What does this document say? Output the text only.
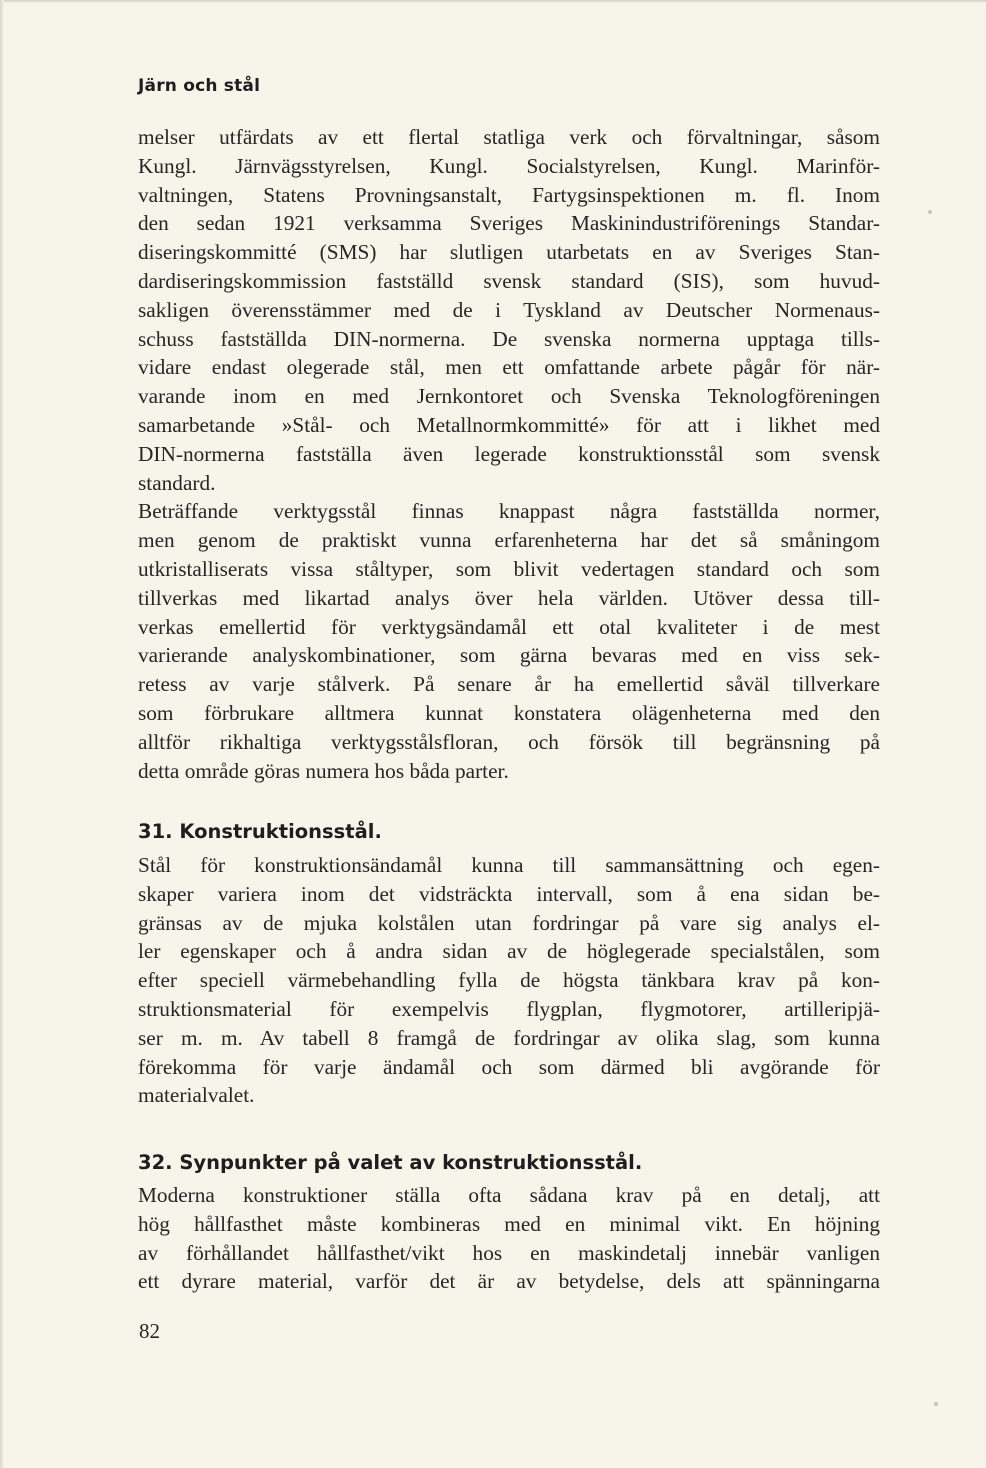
Järn och stål
melser utfärdats av ett flertal statliga verk och förvaltningar, såsom
Kungl. Järnvägsstyrelsen, Kungl. Socialstyrelsen, Kungl. Marinför-
valtningen, Statens Provningsanstalt, Fartygsinspektionen m. fl. Inom
den sedan 1921 verksamma Sveriges Maskinindustriförenings Standar-
diseringskommitté (SMS) har slutligen utarbetats en av Sveriges Stan-
dardiseringskommission fastställd svensk standard (SIS), som huvud-
sakligen överensstämmer med de i Tyskland av Deutscher Normenaus-
schuss fastställda DIN-normerna. De svenska normerna upptaga tills-
vidare endast olegerade stål, men ett omfattande arbete pågår för när-
varande inom en med Jernkontoret och Svenska Teknologföreningen
samarbetande »Stål- och Metallnormkommitté» för att i likhet med
DIN-normerna fastställa även legerade konstruktionsstål som svensk
standard.
Beträffande verktygsstål finnas knappast några fastställda normer,
men genom de praktiskt vunna erfarenheterna har det så småningom
utkristalliserats vissa ståltyper, som blivit vedertagen standard och som
tillverkas med likartad analys över hela världen. Utöver dessa till-
verkas emellertid för verktygsändamål ett otal kvaliteter i de mest
varierande analyskombinationer, som gärna bevaras med en viss sek-
retess av varje stålverk. På senare år ha emellertid såväl tillverkare
som förbrukare alltmera kunnat konstatera olägenheterna med den
alltför rikhaltiga verktygsstålsfloran, och försök till begränsning på
detta område göras numera hos båda parter.
31. Konstruktionsstål.
Stål för konstruktionsändamål kunna till sammansättning och egen-
skaper variera inom det vidsträckta intervall, som å ena sidan be-
gränsas av de mjuka kolstålen utan fordringar på vare sig analys el-
ler egenskaper och å andra sidan av de höglegerade specialstålen, som
efter speciell värmebehandling fylla de högsta tänkbara krav på kon-
struktionsmaterial för exempelvis flygplan, flygmotorer, artilleripjä-
ser m. m. Av tabell 8 framgå de fordringar av olika slag, som kunna
förekomma för varje ändamål och som därmed bli avgörande för
materialvalet.
32. Synpunkter på valet av konstruktionsstål.
Moderna konstruktioner ställa ofta sådana krav på en detalj, att
hög hållfasthet måste kombineras med en minimal vikt. En höjning
av förhållandet hållfasthet/vikt hos en maskindetalj innebär vanligen
ett dyrare material, varför det är av betydelse, dels att spänningarna
82
